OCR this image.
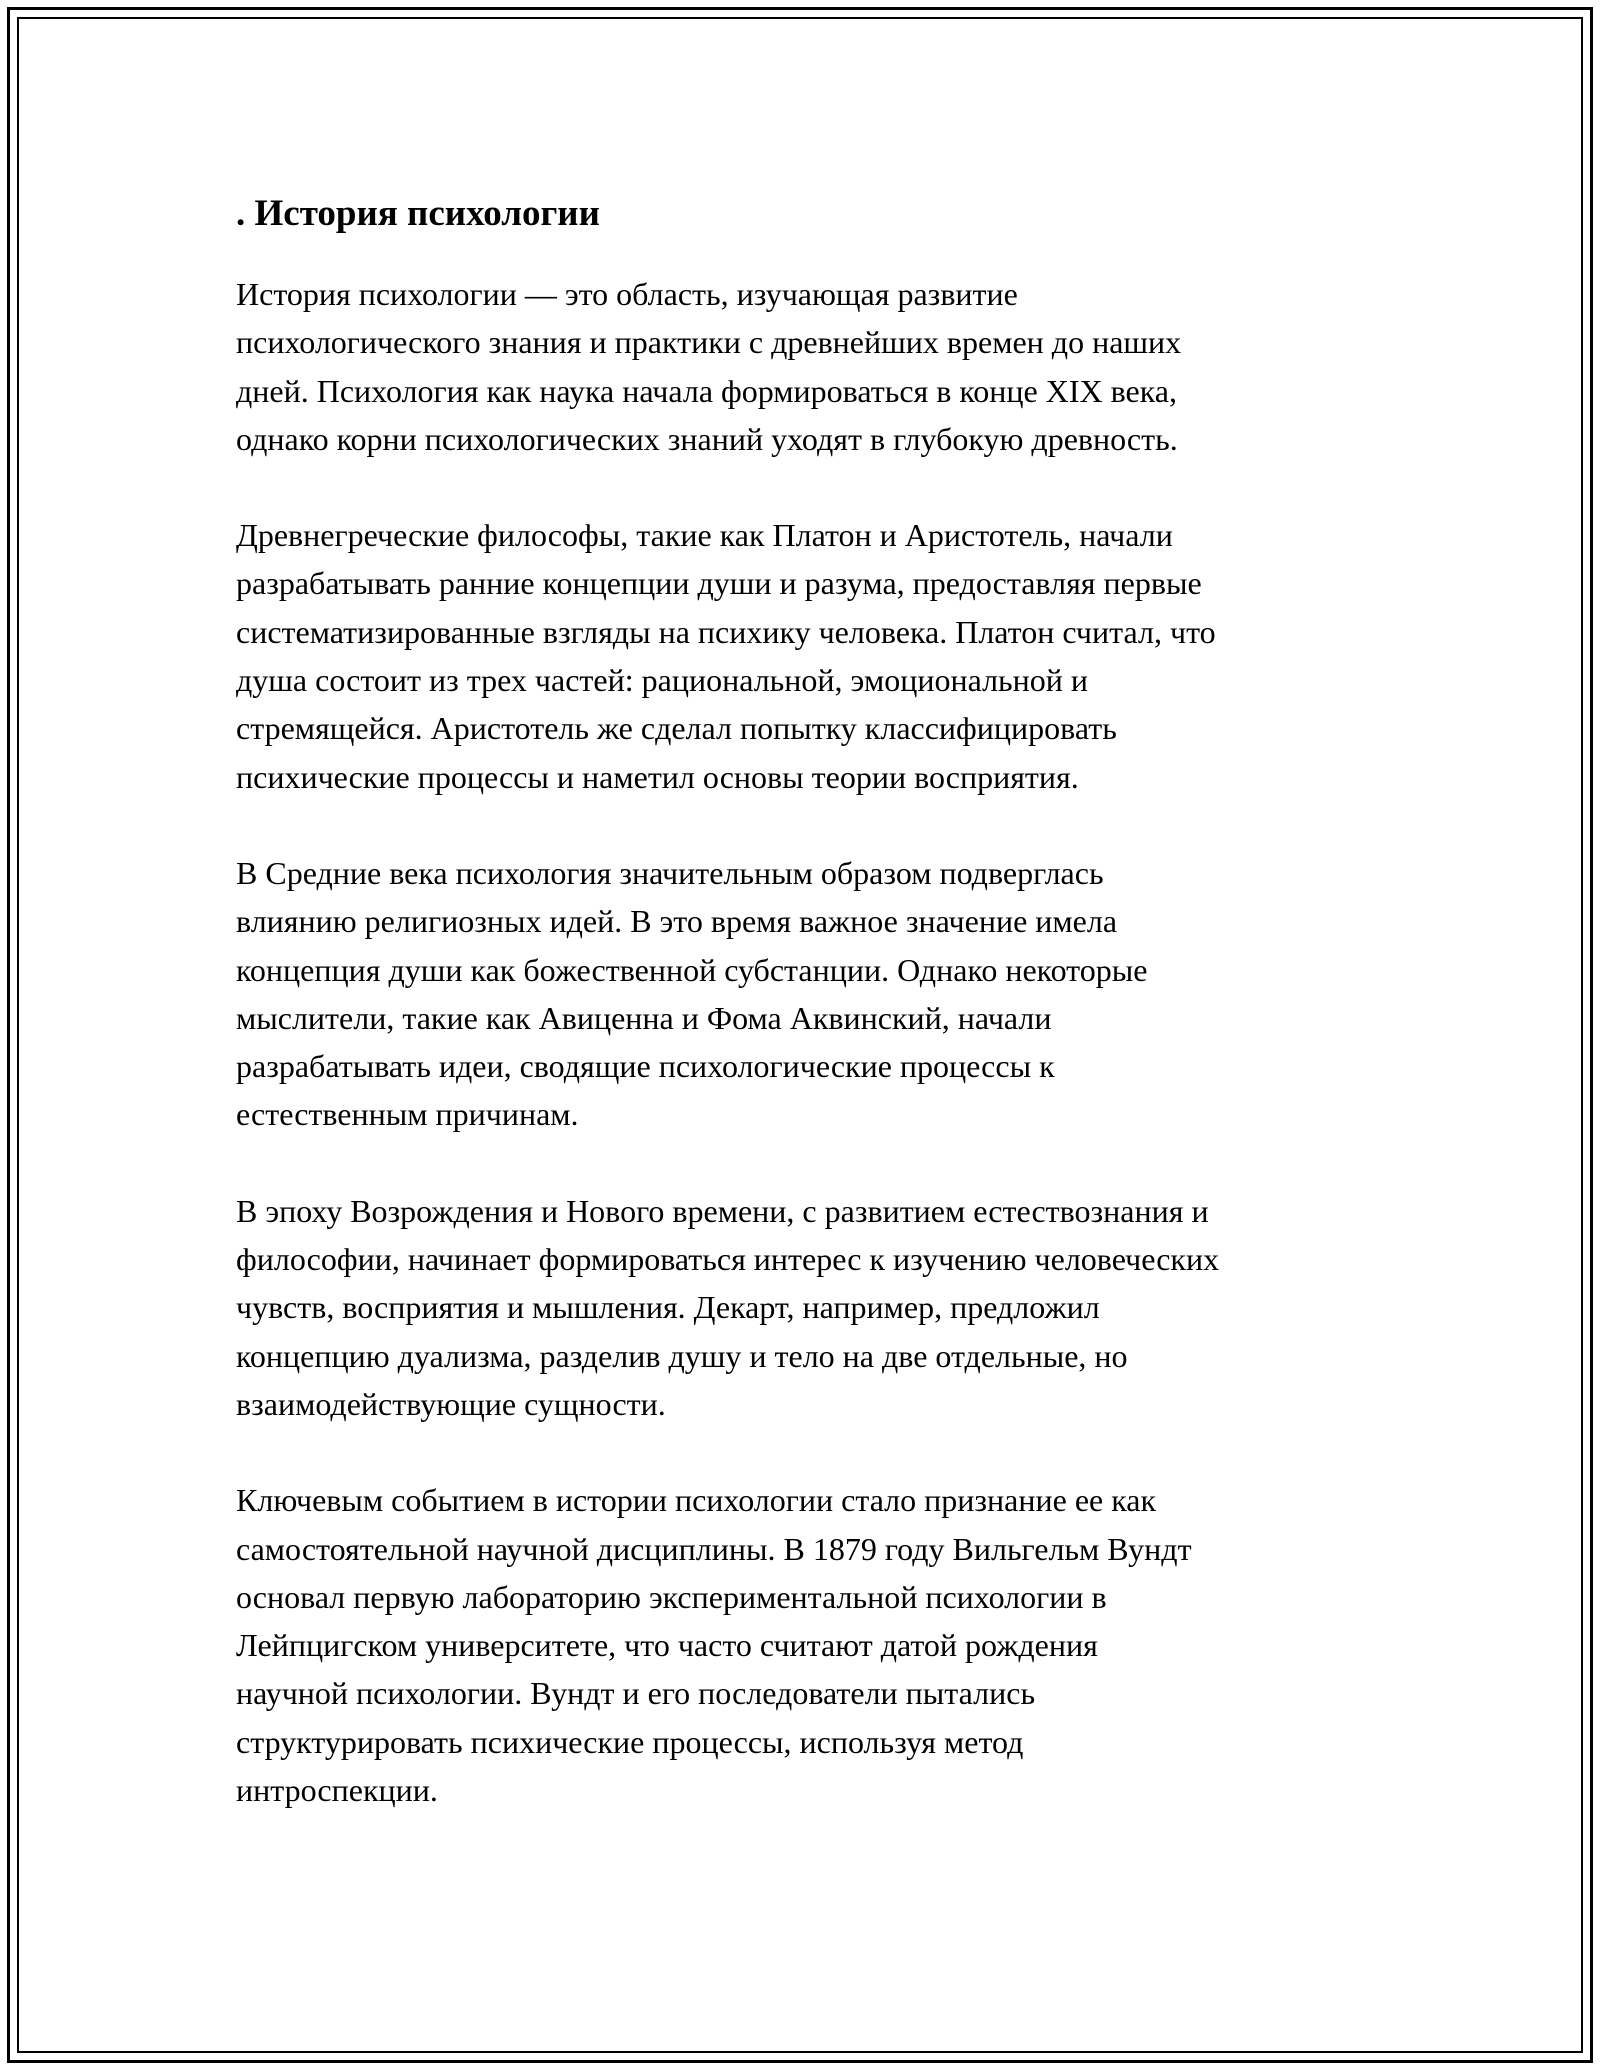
. История психологии

История психологии — это область, изучающая развитие
психологического знания и практики с древнейших времен до наших
дней. Психология как наука начала формироваться в конце XIX века,
однако корни психологических знаний уходят в глубокую древность.

Древнегреческие философы, такие как Платон и Аристотель, начали
разрабатывать ранние концепции души и разума, предоставляя первые
систематизированные взгляды на психику человека. Платон считал, что
душа состоит из трех частей: рациональной, эмоциональной и
стремящейся. Аристотель же сделал попытку классифицировать
психические процессы и наметил основы теории восприятия.

В Средние века психология значительным образом подверглась
влиянию религиозных идей. В это время важное значение имела
концепция души как божественной субстанции. Однако некоторые
мыслители, такие как Авиценна и Фома Аквинский, начали
разрабатывать идеи, сводящие психологические процессы к
естественным причинам.

В эпоху Возрождения и Нового времени, с развитием естествознания и
философии, начинает формироваться интерес к изучению человеческих
чувств, восприятия и мышления. Декарт, например, предложил
концепцию дуализма, разделив душу и тело на две отдельные, но
взаимодействующие сущности.

Ключевым событием в истории психологии стало признание ее как
самостоятельной научной дисциплины. В 1879 году Вильгельм Вундт
основал первую лабораторию экспериментальной психологии в
Лейпцигском университете, что часто считают датой рождения
научной психологии. Вундт и его последователи пытались
структурировать психические процессы, используя метод
интроспекции.
